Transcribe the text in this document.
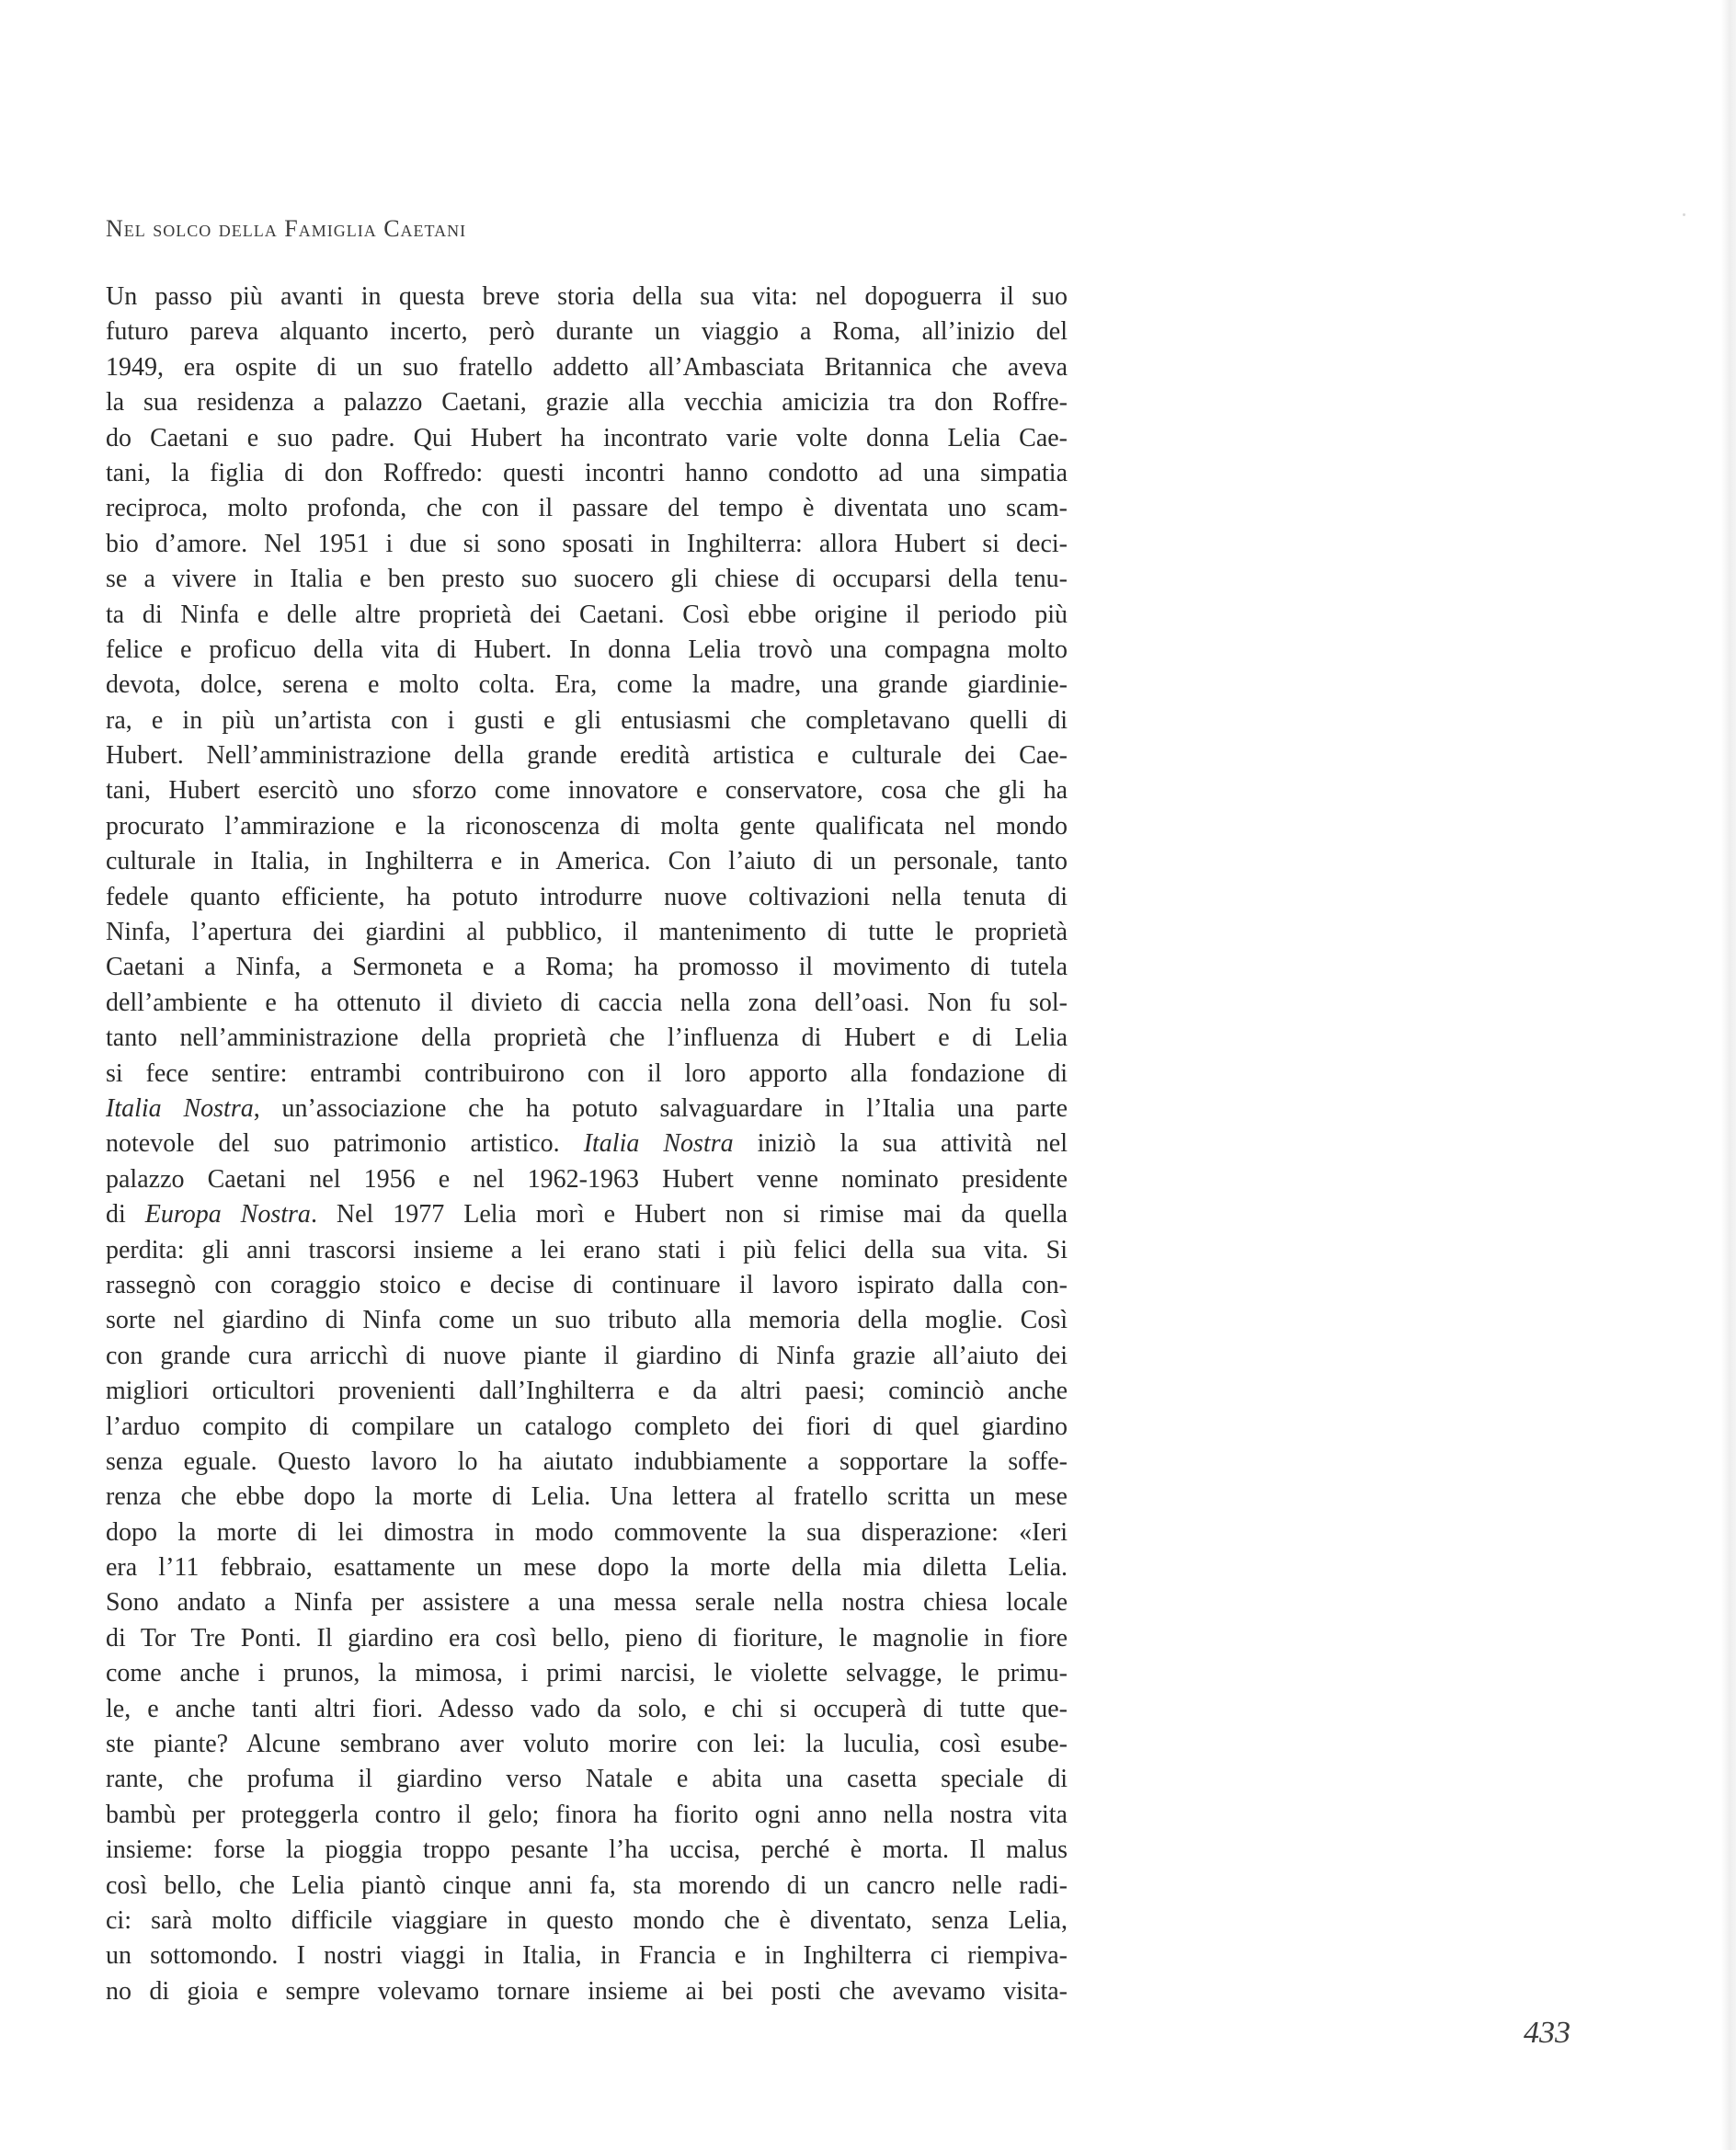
Nel solco della Famiglia Caetani
Un passo più avanti in questa breve storia della sua vita: nel dopoguerra il suo
futuro pareva alquanto incerto, però durante un viaggio a Roma, all’inizio del
1949, era ospite di un suo fratello addetto all’Ambasciata Britannica che aveva
la sua residenza a palazzo Caetani, grazie alla vecchia amicizia tra don Roffre-
do Caetani e suo padre. Qui Hubert ha incontrato varie volte donna Lelia Cae-
tani, la figlia di don Roffredo: questi incontri hanno condotto ad una simpatia
reciproca, molto profonda, che con il passare del tempo è diventata uno scam-
bio d’amore. Nel 1951 i due si sono sposati in Inghilterra: allora Hubert si deci-
se a vivere in Italia e ben presto suo suocero gli chiese di occuparsi della tenu-
ta di Ninfa e delle altre proprietà dei Caetani. Così ebbe origine il periodo più
felice e proficuo della vita di Hubert. In donna Lelia trovò una compagna molto
devota, dolce, serena e molto colta. Era, come la madre, una grande giardinie-
ra, e in più un’artista con i gusti e gli entusiasmi che completavano quelli di
Hubert. Nell’amministrazione della grande eredità artistica e culturale dei Cae-
tani, Hubert esercitò uno sforzo come innovatore e conservatore, cosa che gli ha
procurato l’ammirazione e la riconoscenza di molta gente qualificata nel mondo
culturale in Italia, in Inghilterra e in America. Con l’aiuto di un personale, tanto
fedele quanto efficiente, ha potuto introdurre nuove coltivazioni nella tenuta di
Ninfa, l’apertura dei giardini al pubblico, il mantenimento di tutte le proprietà
Caetani a Ninfa, a Sermoneta e a Roma; ha promosso il movimento di tutela
dell’ambiente e ha ottenuto il divieto di caccia nella zona dell’oasi. Non fu sol-
tanto nell’amministrazione della proprietà che l’influenza di Hubert e di Lelia
si fece sentire: entrambi contribuirono con il loro apporto alla fondazione di
Italia Nostra, un’associazione che ha potuto salvaguardare in l’Italia una parte
notevole del suo patrimonio artistico. Italia Nostra iniziò la sua attività nel
palazzo Caetani nel 1956 e nel 1962-1963 Hubert venne nominato presidente
di Europa Nostra. Nel 1977 Lelia morì e Hubert non si rimise mai da quella
perdita: gli anni trascorsi insieme a lei erano stati i più felici della sua vita. Si
rassegnò con coraggio stoico e decise di continuare il lavoro ispirato dalla con-
sorte nel giardino di Ninfa come un suo tributo alla memoria della moglie. Così
con grande cura arricchì di nuove piante il giardino di Ninfa grazie all’aiuto dei
migliori orticultori provenienti dall’Inghilterra e da altri paesi; cominciò anche
l’arduo compito di compilare un catalogo completo dei fiori di quel giardino
senza eguale. Questo lavoro lo ha aiutato indubbiamente a sopportare la soffe-
renza che ebbe dopo la morte di Lelia. Una lettera al fratello scritta un mese
dopo la morte di lei dimostra in modo commovente la sua disperazione: «Ieri
era l’11 febbraio, esattamente un mese dopo la morte della mia diletta Lelia.
Sono andato a Ninfa per assistere a una messa serale nella nostra chiesa locale
di Tor Tre Ponti. Il giardino era così bello, pieno di fioriture, le magnolie in fiore
come anche i prunos, la mimosa, i primi narcisi, le violette selvagge, le primu-
le, e anche tanti altri fiori. Adesso vado da solo, e chi si occuperà di tutte que-
ste piante? Alcune sembrano aver voluto morire con lei: la luculia, così esube-
rante, che profuma il giardino verso Natale e abita una casetta speciale di
bambù per proteggerla contro il gelo; finora ha fiorito ogni anno nella nostra vita
insieme: forse la pioggia troppo pesante l’ha uccisa, perché è morta. Il malus
così bello, che Lelia piantò cinque anni fa, sta morendo di un cancro nelle radi-
ci: sarà molto difficile viaggiare in questo mondo che è diventato, senza Lelia,
un sottomondo. I nostri viaggi in Italia, in Francia e in Inghilterra ci riempiva-
no di gioia e sempre volevamo tornare insieme ai bei posti che avevamo visita-
433
